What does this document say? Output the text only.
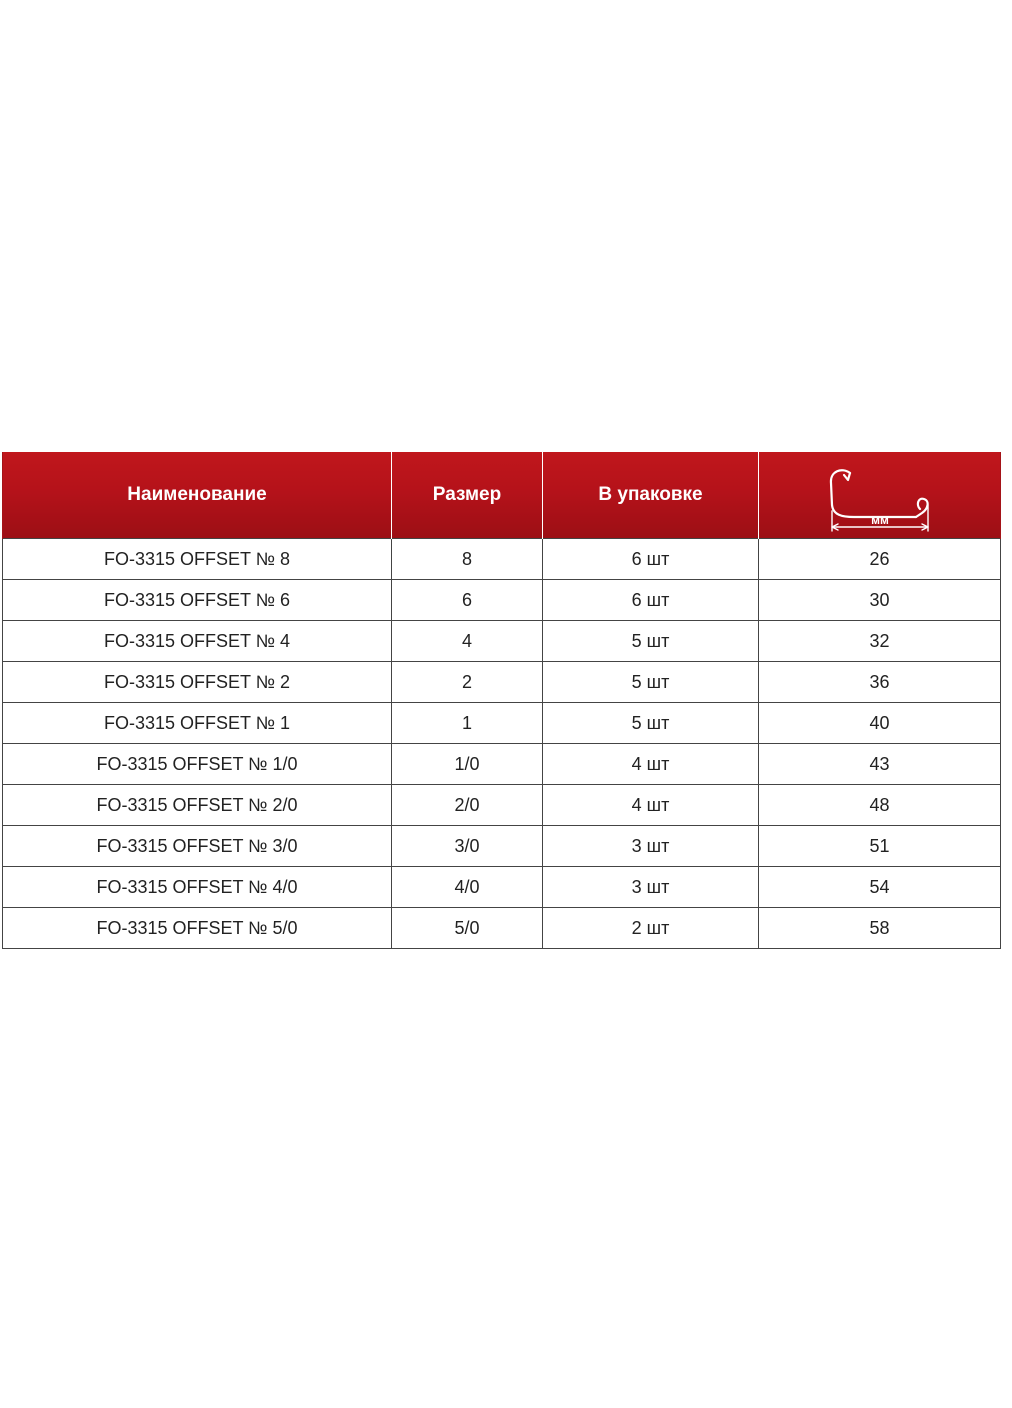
Наименование	Размер	В упаковке	мм

FO-3315 OFFSET № 8	8	6 шт	26
FO-3315 OFFSET № 6	6	6 шт	30
FO-3315 OFFSET № 4	4	5 шт	32
FO-3315 OFFSET № 2	2	5 шт	36
FO-3315 OFFSET № 1	1	5 шт	40
FO-3315 OFFSET № 1/0	1/0	4 шт	43
FO-3315 OFFSET № 2/0	2/0	4 шт	48
FO-3315 OFFSET № 3/0	3/0	3 шт	51
FO-3315 OFFSET № 4/0	4/0	3 шт	54
FO-3315 OFFSET № 5/0	5/0	2 шт	58
